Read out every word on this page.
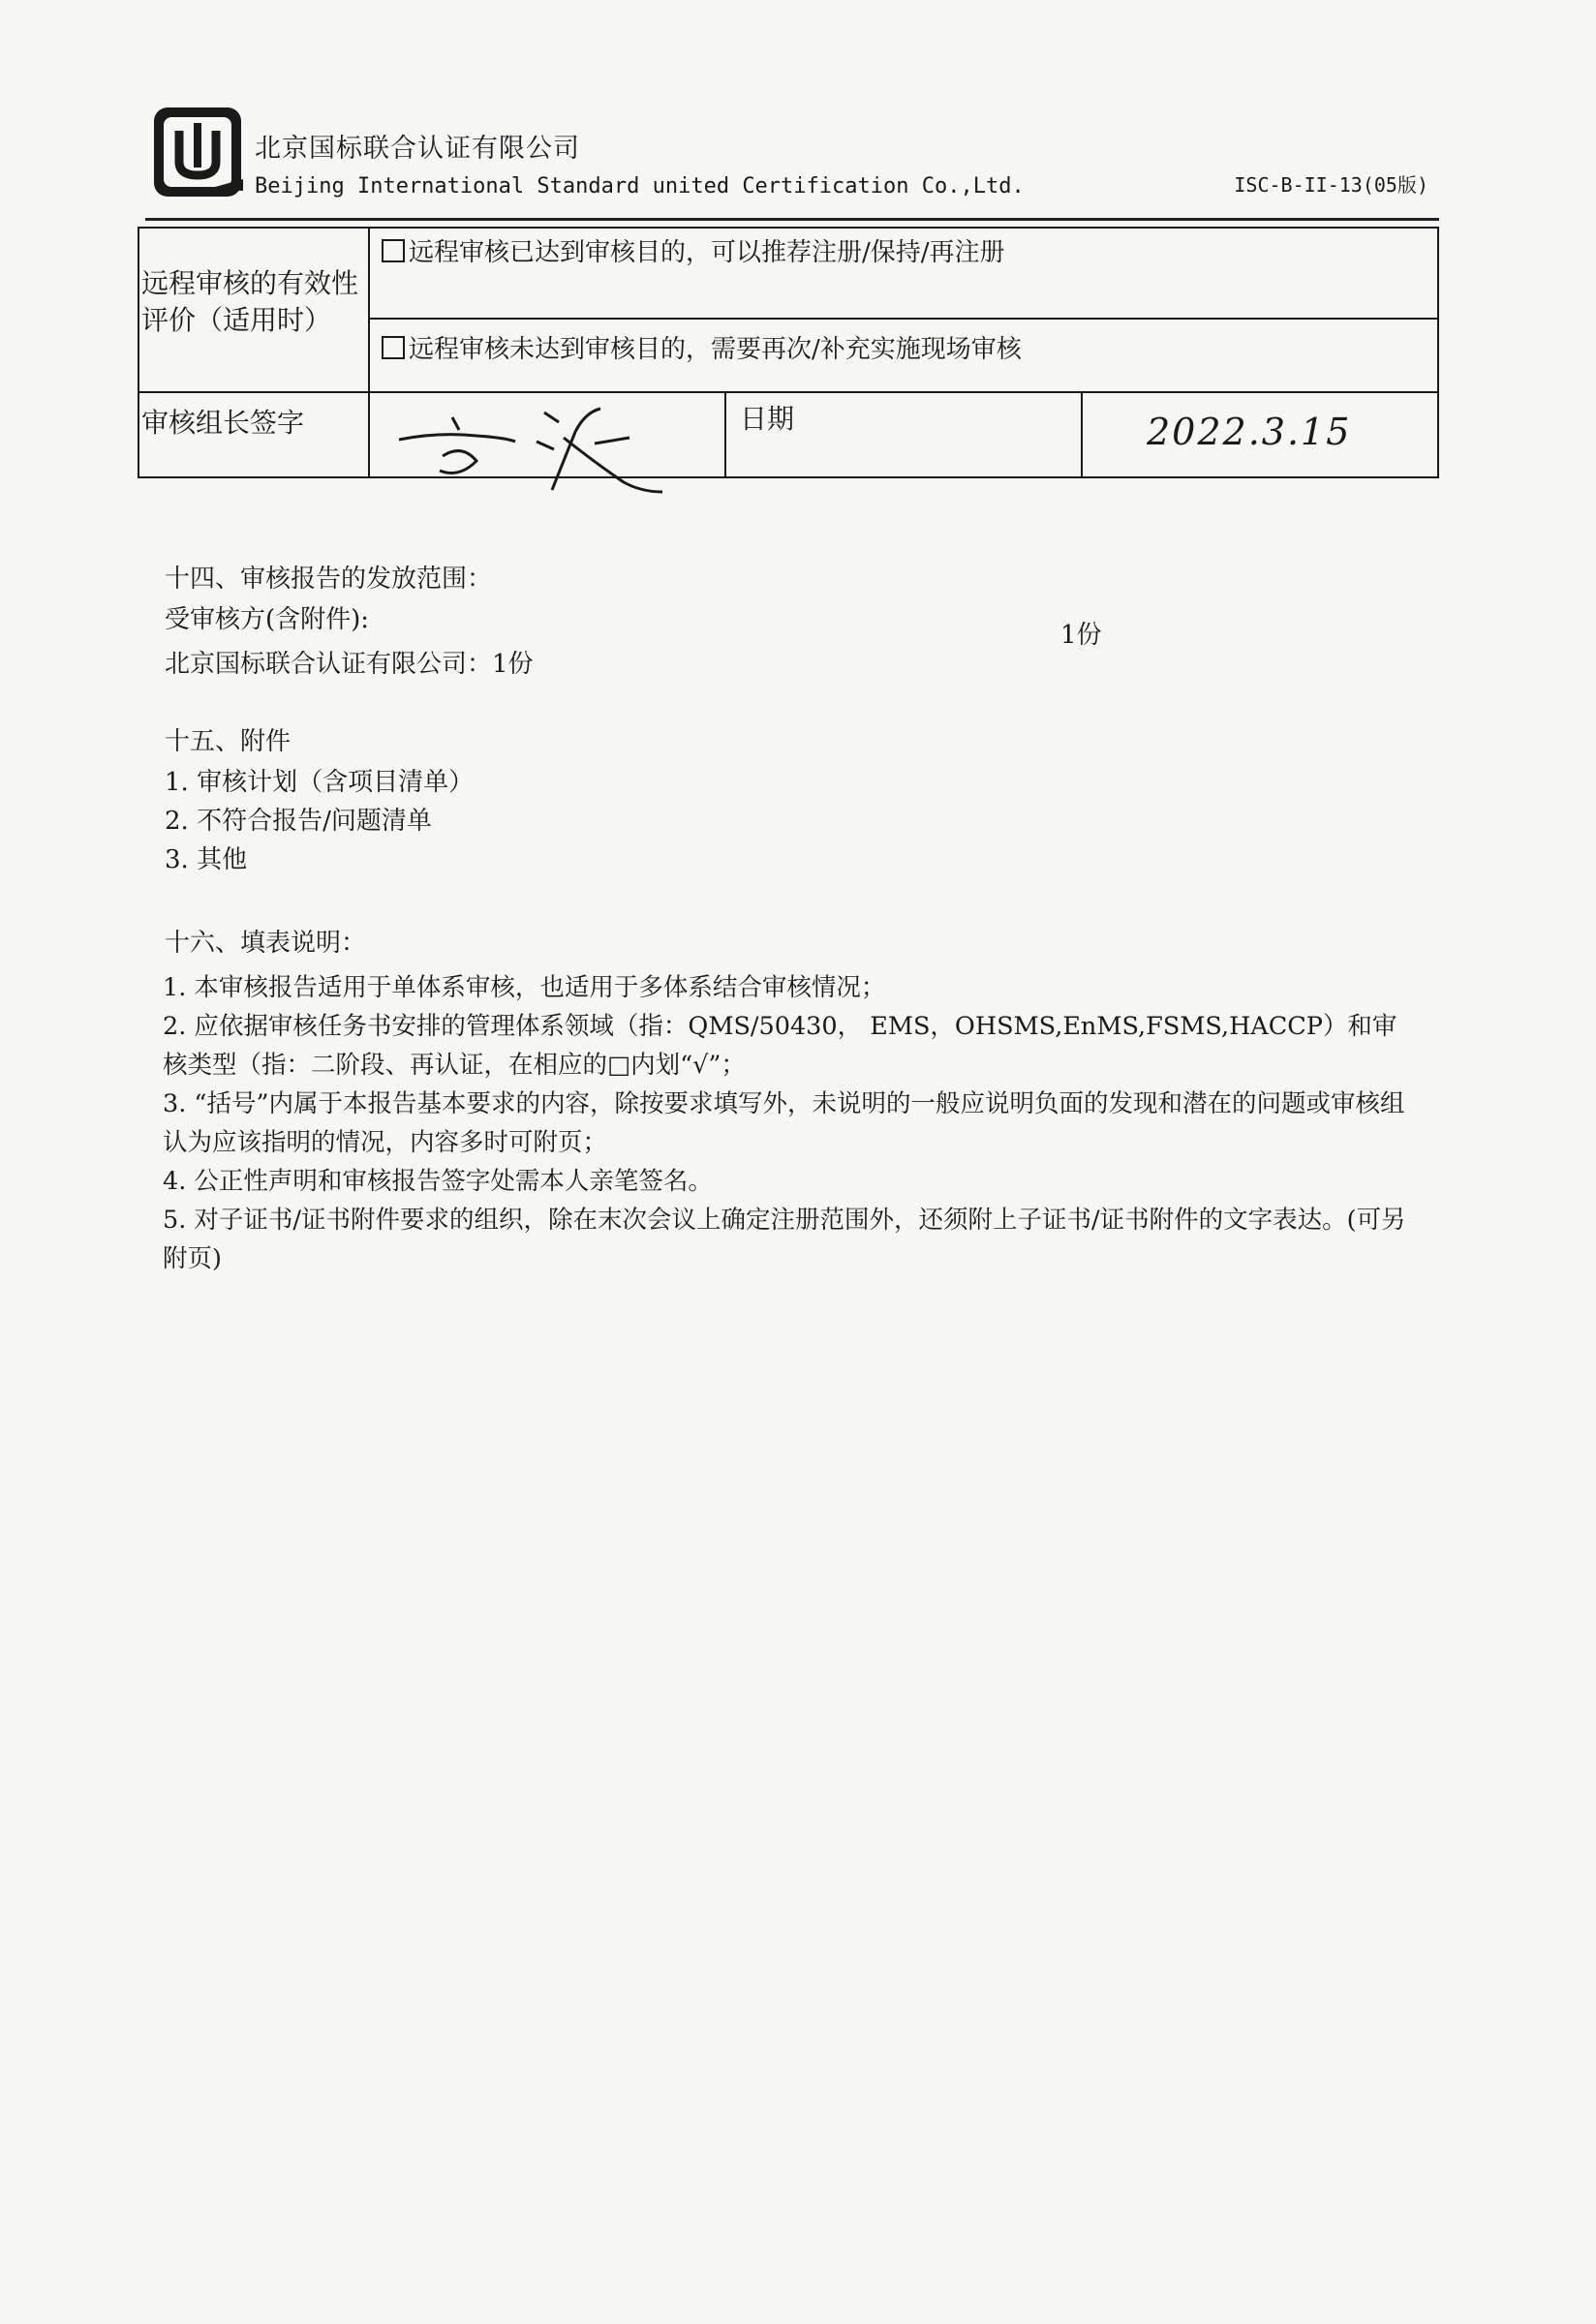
北京国标联合认证有限公司
Beijing International Standard united Certification Co.,Ltd.	ISC-B-II-13(05版)
远程审核的有效性评价（适用时）
远程审核已达到审核目的，可以推荐注册/保持/再注册
远程审核未达到审核目的，需要再次/补充实施现场审核
审核组长签字	日期	2022.3.15
十四、审核报告的发放范围：
受审核方(含附件):
1份
北京国标联合认证有限公司：1份
十五、附件
1. 审核计划（含项目清单）
2. 不符合报告/问题清单
3. 其他
十六、填表说明：
1. 本审核报告适用于单体系审核，也适用于多体系结合审核情况；
2. 应依据审核任务书安排的管理体系领域（指：QMS/50430， EMS，OHSMS,EnMS,FSMS,HACCP）和审核类型（指：二阶段、再认证，在相应的□内划“√”；
3. “括号”内属于本报告基本要求的内容，除按要求填写外，未说明的一般应说明负面的发现和潜在的问题或审核组认为应该指明的情况，内容多时可附页；
4. 公正性声明和审核报告签字处需本人亲笔签名。
5. 对子证书/证书附件要求的组织，除在末次会议上确定注册范围外，还须附上子证书/证书附件的文字表达。(可另附页)
